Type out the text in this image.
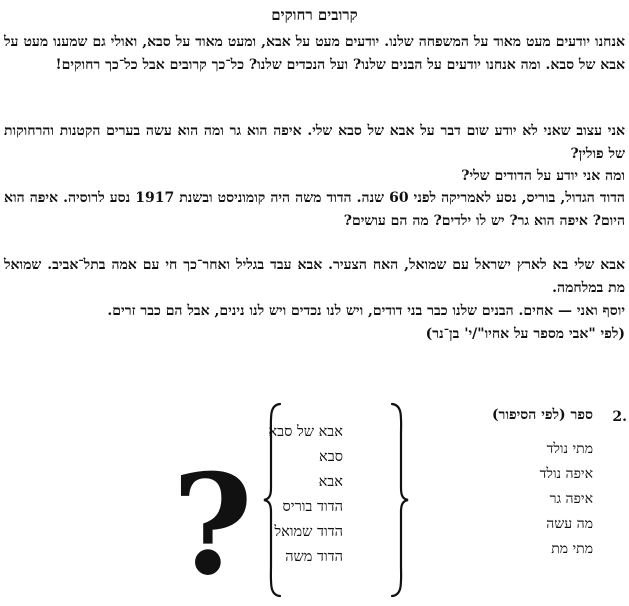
קרובים רחוקים
אנחנו יודעים מעט מאוד על המשפחה שלנו. יודעים מעט על אבא, ומעט מאוד על סבא, ואולי גם שמענו מעט על אבא של סבא. ומה אנחנו יודעים על הבנים שלנו? ועל הנכדים שלנו? כל־כך קרובים אבל כל־כך רחוקים!
אני עצוב שאני לא יודע שום דבר על אבא של סבא שלי. איפה הוא גר ומה הוא עשה בערים הקטנות והרחוקות של פולין?
ומה אני יודע על הדודים שלי?
הדוד הגדול, בוריס, נסע לאמריקה לפני 60 שנה. הדוד משה היה קומוניסט ובשנת 1917 נסע לרוסיה. איפה הוא היום? איפה הוא גר? יש לו ילדים? מה הם עושים?
אבא שלי בא לארץ ישראל עם שמואל, האח הצעיר. אבא עבד בגליל ואחר־כך חי עם אמה בתל־אביב. שמואל מת במלחמה.
יוסף ואני — אחים. הבנים שלנו כבר בני דודים, ויש לנו נכדים ויש לנו נינים, אבל הם כבר זרים.
(לפי "אבי מספר על אחיו"/י' בן־נר)
2.
ספר (לפי הסיפור)
מתי נולד
איפה נולד
איפה גר
מה עשה
מתי מת
אבא של סבא
סבא
אבא
הדוד בוריס
הדוד שמואל
הדוד משה
?
